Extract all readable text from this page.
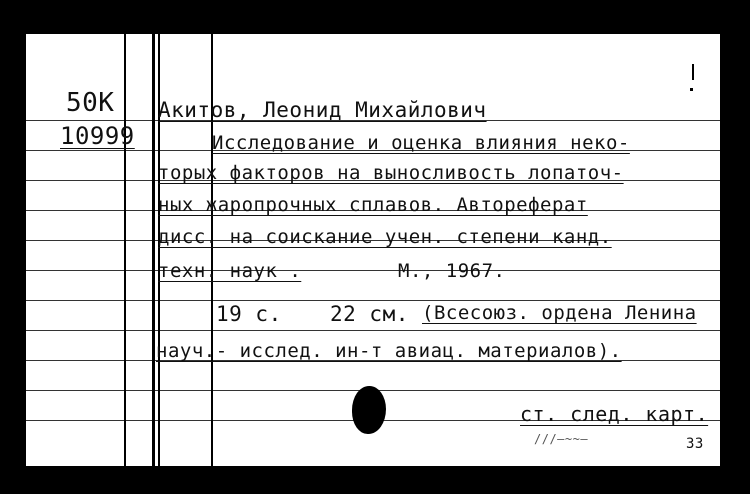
50К
10999
Акитов, Леонид Михайлович
Исследование и оценка влияния неко-
торых факторов на выносливость лопаточ-
ных жаропрочных сплавов. Автореферат
дисс. на соискание учен. степени канд.
техн. наук .	М., 1967.
19 с. 22 см. (Всесоюз. ордена Ленина
науч.- исслед. ин-т авиац. материалов).
ст. след. карт.
///—~~—	33
